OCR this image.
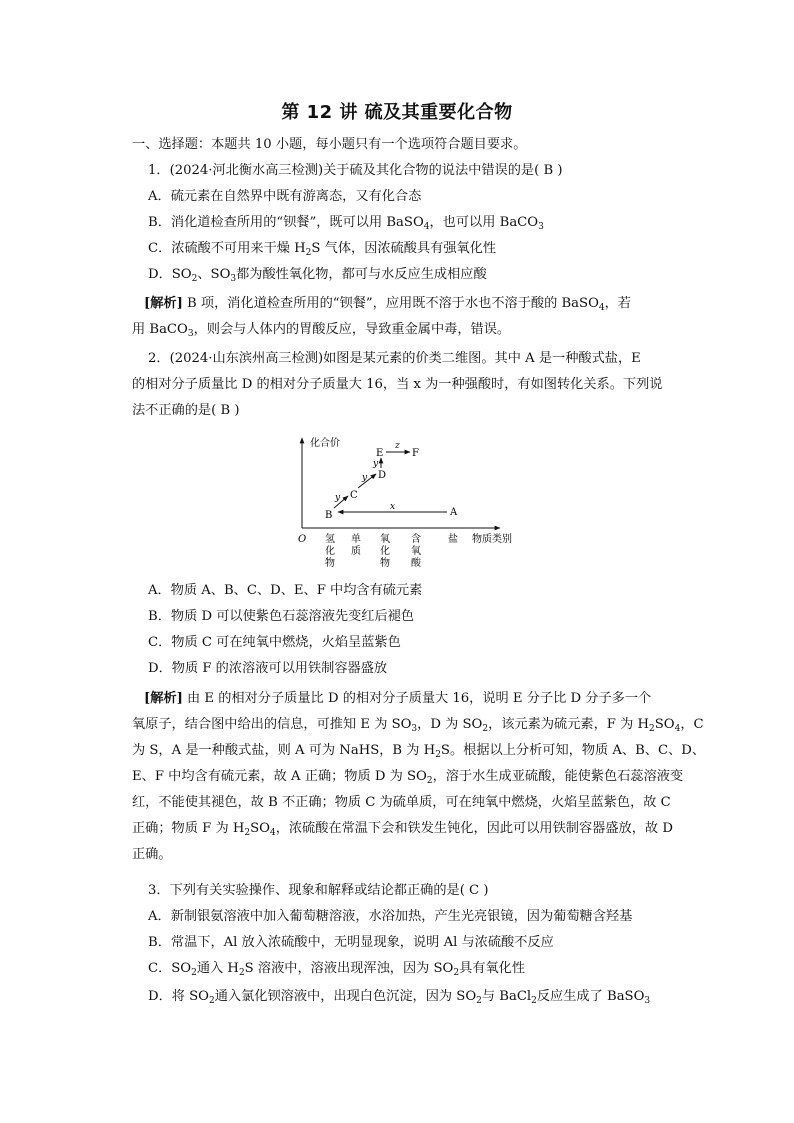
第 12 讲 硫及其重要化合物
一、选择题：本题共 10 小题，每小题只有一个选项符合题目要求。
1．(2024·河北衡水高三检测)关于硫及其化合物的说法中错误的是( B )
A．硫元素在自然界中既有游离态，又有化合态
B．消化道检查所用的“钡餐”，既可以用 BaSO$_4$，也可以用 BaCO$_3$
C．浓硫酸不可用来干燥 $H_2S$ 气体，因浓硫酸具有强氧化性
D．$SO_2$、$SO_3$都为酸性氧化物，都可与水反应生成相应酸
[解析] B 项，消化道检查所用的“钡餐”，应用既不溶于水也不溶于酸的 BaSO$_4$，若
用 BaCO$_3$，则会与人体内的胃酸反应，导致重金属中毒，错误。
2．(2024·山东滨州高三检测)如图是某元素的价类二维图。其中 A 是一种酸式盐，E
的相对分子质量比 D 的相对分子质量大 16，当 x 为一种强酸时，有如图转化关系。下列说
法不正确的是( B )
化合价
O 氢化物
单质
氧化物
含氧酸
盐 物质类别
A
B
C
D
E	F
x
y
y
y
z
A．物质 A、B、C、D、E、F 中均含有硫元素
B．物质 D 可以使紫色石蕊溶液先变红后褪色
C．物质 C 可在纯氧中燃烧，火焰呈蓝紫色
D．物质 F 的浓溶液可以用铁制容器盛放
[解析] 由 E 的相对分子质量比 D 的相对分子质量大 16，说明 E 分子比 D 分子多一个
氧原子，结合图中给出的信息，可推知 E 为 $SO_3$，D 为 $SO_2$，该元素为硫元素，F 为 $H_2SO_4$，C
为 S，A 是一种酸式盐，则 A 可为 NaHS，B 为 $H_2S$。根据以上分析可知，物质 A、B、C、D、
E、F 中均含有硫元素，故 A 正确；物质 D 为 $SO_2$，溶于水生成亚硫酸，能使紫色石蕊溶液变
红，不能使其褪色，故 B 不正确；物质 C 为硫单质，可在纯氧中燃烧，火焰呈蓝紫色，故 C
正确；物质 F 为 $H_2SO_4$，浓硫酸在常温下会和铁发生钝化，因此可以用铁制容器盛放，故 D
正确。
3．下列有关实验操作、现象和解释或结论都正确的是( C )
A．新制银氨溶液中加入葡萄糖溶液，水浴加热，产生光亮银镜，因为葡萄糖含羟基
B．常温下，Al 放入浓硫酸中，无明显现象，说明 Al 与浓硫酸不反应
C．$SO_2$通入 $H_2S$ 溶液中，溶液出现浑浊，因为 $SO_2$具有氧化性
D．将 $SO_2$通入氯化钡溶液中，出现白色沉淀，因为 $SO_2$与 BaCl$_2$反应生成了 BaSO$_3$
